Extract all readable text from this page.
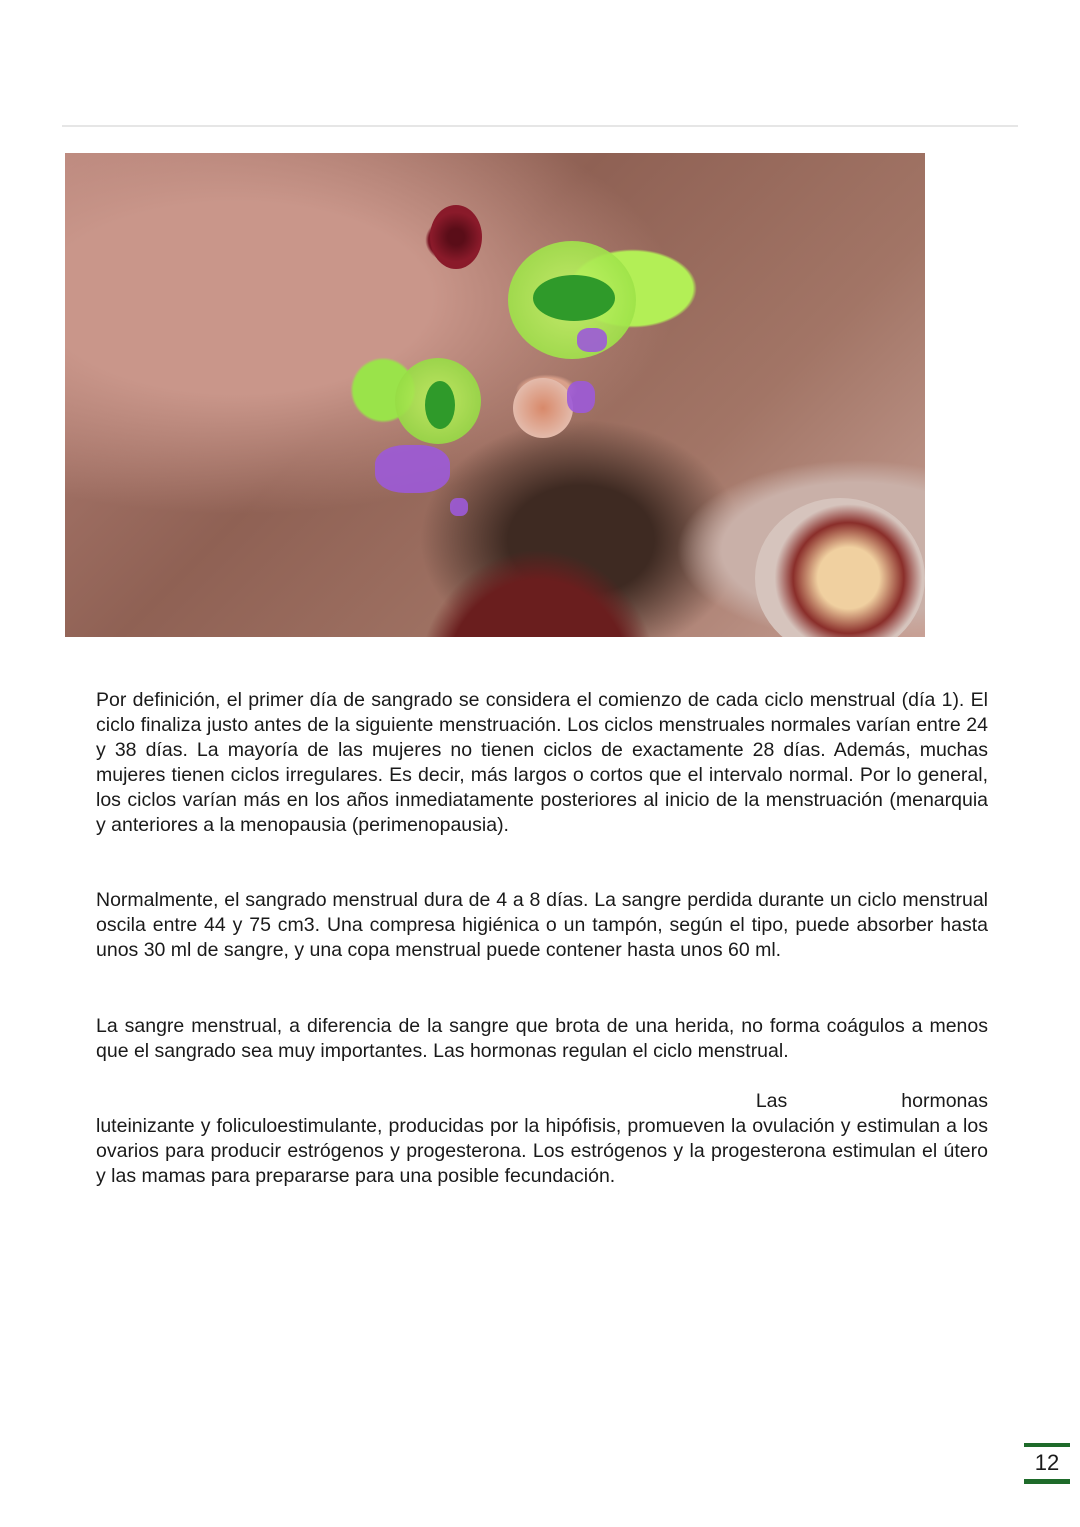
Por definición, el primer día de sangrado se considera el comienzo de cada ciclo menstrual (día 1). El ciclo finaliza justo antes de la siguiente menstruación. Los ciclos menstruales normales varían entre 24 y 38 días. La mayoría de las mujeres no tienen ciclos de exactamente 28 días. Además, muchas mujeres tienen ciclos irregulares. Es decir, más largos o cortos que el intervalo normal. Por lo general, los ciclos varían más en los años inmediatamente posteriores al inicio de la menstruación (menarquia y anteriores a la menopausia (perimenopausia).

Normalmente, el sangrado menstrual dura de 4 a 8 días. La sangre perdida durante un ciclo menstrual oscila entre 44 y 75 cm3. Una compresa higiénica o un tampón, según el tipo, puede absorber hasta unos 30 ml de sangre, y una copa menstrual puede contener hasta unos 60 ml.

La sangre menstrual, a diferencia de la sangre que brota de una herida, no forma coágulos a menos que el sangrado sea muy importantes. Las hormonas regulan el ciclo menstrual.

Las	hormonas

luteinizante y foliculoestimulante, producidas por la hipófisis, promueven la ovulación y estimulan a los ovarios para producir estrógenos y progesterona. Los estrógenos y la progesterona estimulan el útero y las mamas para prepararse para una posible fecundación.

12
